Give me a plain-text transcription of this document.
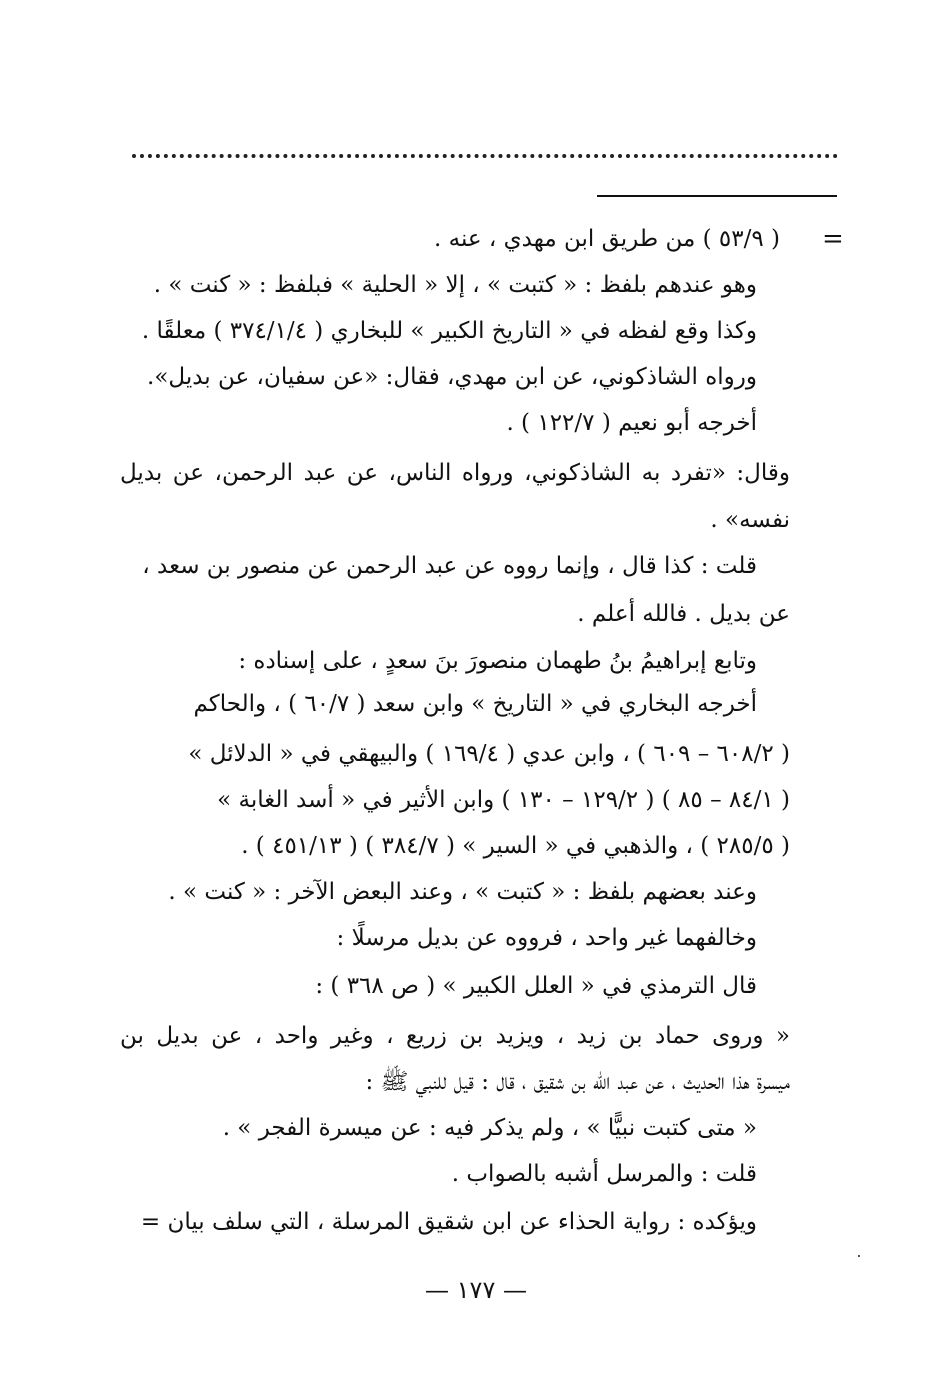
=
( ٥٣/٩ ) من طريق ابن مهدي ، عنه .
وهو عندهم بلفظ : « كتبت » ، إلا « الحلية » فبلفظ : « كنت » .
وكذا وقع لفظه في « التاريخ الكبير » للبخاري ( ٣٧٤/١/٤ ) معلقًا .
ورواه الشاذكوني، عن ابن مهدي، فقال: «عن سفيان، عن بديل».
أخرجه أبو نعيم ( ١٢٢/٧ ) .
وقال: «تفرد به الشاذكوني، ورواه الناس، عن عبد الرحمن، عن بديل
نفسه» .
قلت : كذا قال ، وإنما رووه عن عبد الرحمن عن منصور بن سعد ،
عن بديل . فالله أعلم .
وتابع إبراهيمُ بنُ طهمان منصورَ بنَ سعدٍ ، على إسناده :
أخرجه البخاري في « التاريخ » وابن سعد ( ٦٠/٧ ) ، والحاكم
( ٦٠٨/٢ – ٦٠٩ ) ، وابن عدي ( ١٦٩/٤ ) والبيهقي في « الدلائل »
( ٨٤/١ – ٨٥ ) ( ١٢٩/٢ – ١٣٠ ) وابن الأثير في « أسد الغابة »
( ٢٨٥/٥ ) ، والذهبي في « السير » ( ٣٨٤/٧ ) ( ٤٥١/١٣ ) .
وعند بعضهم بلفظ : « كتبت » ، وعند البعض الآخر : « كنت » .
وخالفهما غير واحد ، فرووه عن بديل مرسلًا :
قال الترمذي في « العلل الكبير » ( ص ٣٦٨ ) :
« وروى حماد بن زيد ، ويزيد بن زريع ، وغير واحد ، عن بديل بن
ميسرة هذا الحديث ، عن عبد الله بن شقيق ، قال : قيل للنبي ﷺ :
« متى كتبت نبيًّا » ، ولم يذكر فيه : عن ميسرة الفجر » .
قلت : والمرسل أشبه بالصواب .
ويؤكده : رواية الحذاء عن ابن شقيق المرسلة ، التي سلف بيان =
— ١٧٧ —
